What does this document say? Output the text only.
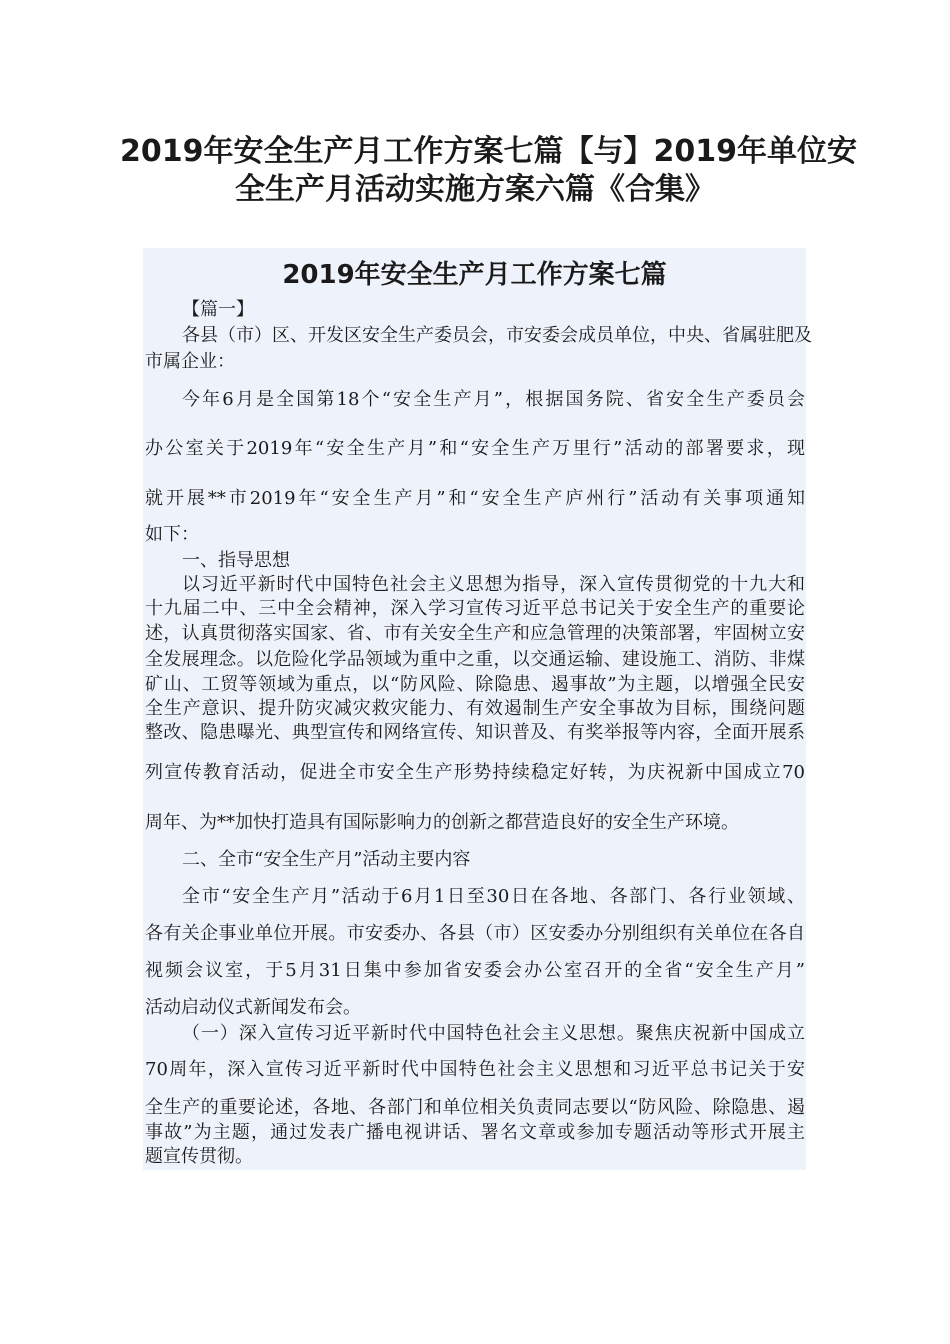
2019年安全生产月工作方案七篇【与】2019年单位安
全生产月活动实施方案六篇《合集》
2019年安全生产月工作方案七篇

【篇一】

各县（市）区、开发区安全生产委员会，市安委会成员单位，中央、省属驻肥及

市属企业：

今年6月是全国第18个“安全生产月”，根据国务院、省安全生产委员会

办公室关于2019年“安全生产月”和“安全生产万里行”活动的部署要求，现

就开展**市2019年“安全生产月”和“安全生产庐州行”活动有关事项通知

如下：

一、指导思想

以习近平新时代中国特色社会主义思想为指导，深入宣传贯彻党的十九大和

十九届二中、三中全会精神，深入学习宣传习近平总书记关于安全生产的重要论

述，认真贯彻落实国家、省、市有关安全生产和应急管理的决策部署，牢固树立安

全发展理念。以危险化学品领域为重中之重，以交通运输、建设施工、消防、非煤

矿山、工贸等领域为重点，以“防风险、除隐患、遏事故”为主题，以增强全民安

全生产意识、提升防灾减灾救灾能力、有效遏制生产安全事故为目标，围绕问题

整改、隐患曝光、典型宣传和网络宣传、知识普及、有奖举报等内容，全面开展系

列宣传教育活动，促进全市安全生产形势持续稳定好转，为庆祝新中国成立70

周年、为**加快打造具有国际影响力的创新之都营造良好的安全生产环境。

二、全市“安全生产月”活动主要内容

全市“安全生产月”活动于6月1日至30日在各地、各部门、各行业领域、

各有关企事业单位开展。市安委办、各县（市）区安委办分别组织有关单位在各自

视频会议室，于5月31日集中参加省安委会办公室召开的全省“安全生产月”

活动启动仪式新闻发布会。

（一）深入宣传习近平新时代中国特色社会主义思想。聚焦庆祝新中国成立

70周年，深入宣传习近平新时代中国特色社会主义思想和习近平总书记关于安

全生产的重要论述，各地、各部门和单位相关负责同志要以“防风险、除隐患、遏

事故”为主题，通过发表广播电视讲话、署名文章或参加专题活动等形式开展主

题宣传贯彻。
